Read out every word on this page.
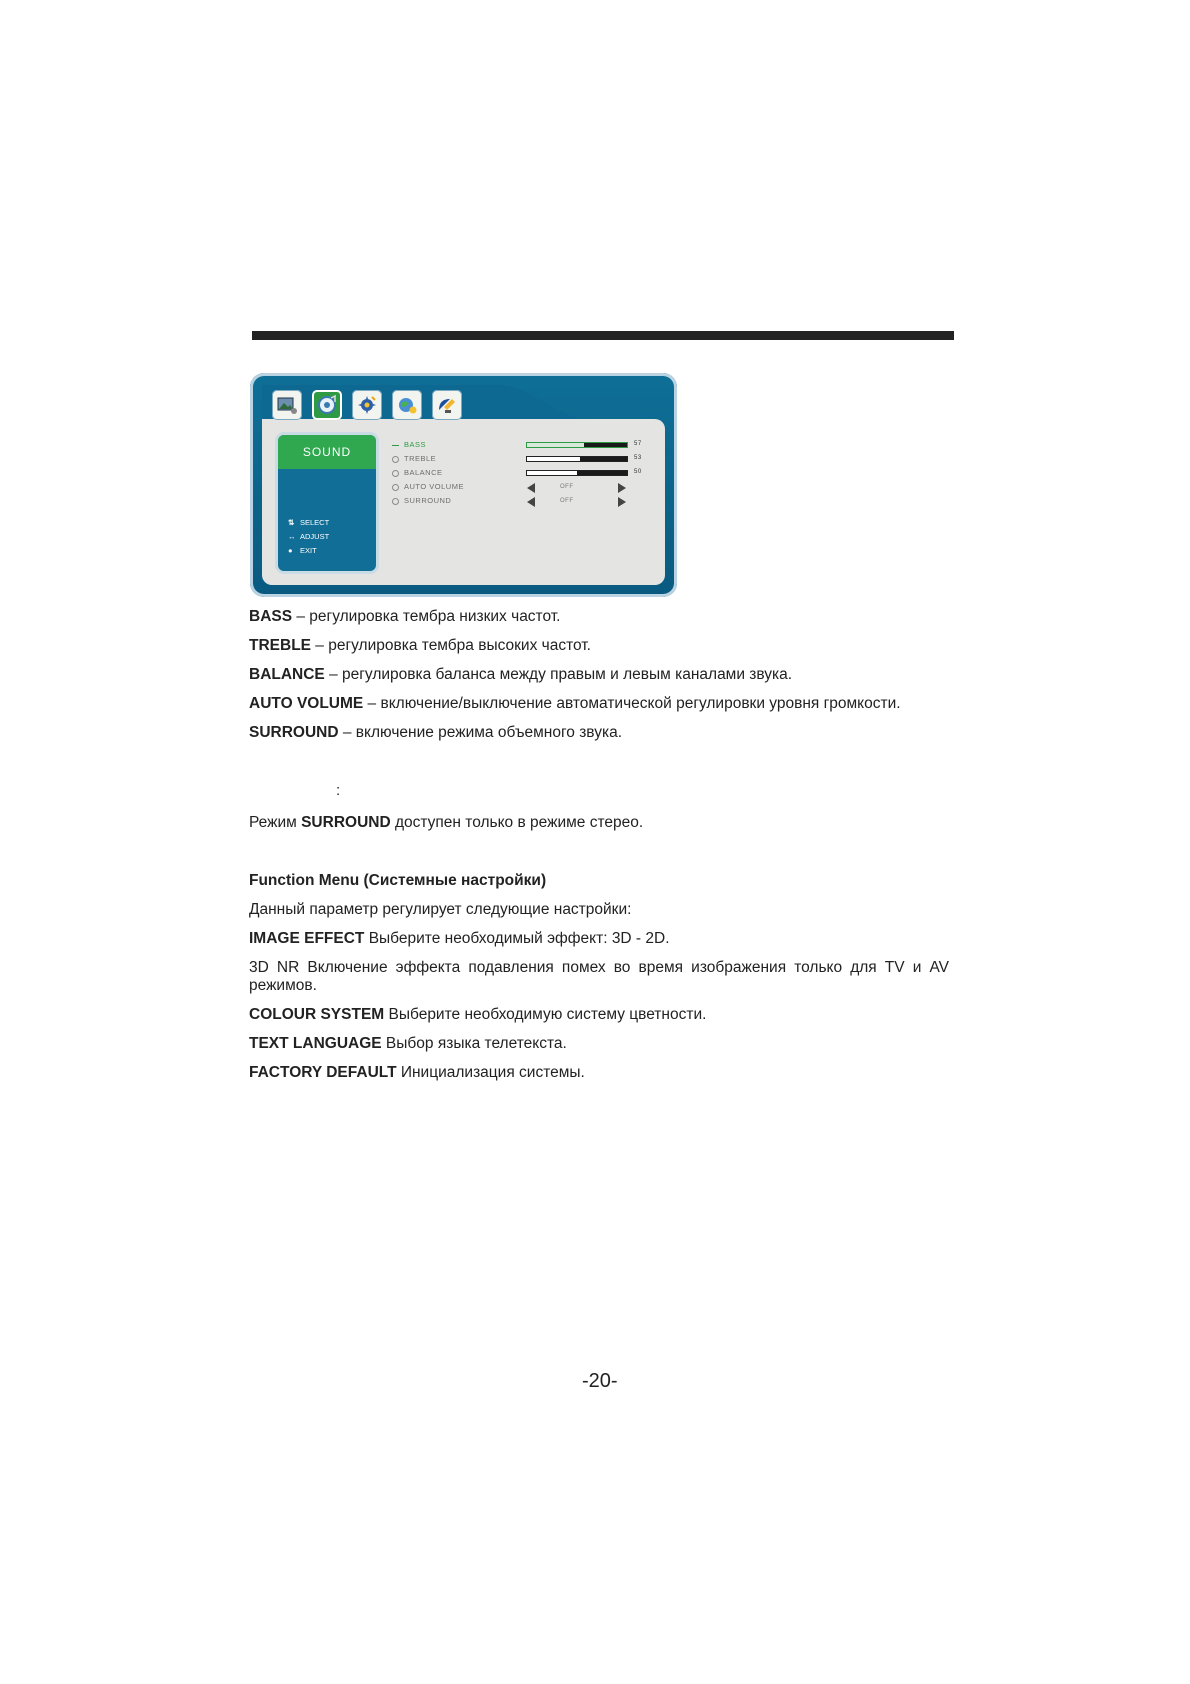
SOUND
⇅ SELECT
↔ ADJUST
● EXIT
BASS	57
TREBLE	53
BALANCE	50
AUTO VOLUME	OFF
SURROUND	OFF
BASS – регулировка тембра низких частот.
TREBLE – регулировка тембра высоких частот.
BALANCE – регулировка баланса между правым и левым каналами звука.
AUTO VOLUME – включение/выключение автоматической регулировки уровня громкости.
SURROUND – включение режима объемного звука.
:
Режим SURROUND доступен только в режиме стерео.
Function Menu (Системные настройки)
Данный параметр регулирует следующие настройки:
IMAGE EFFECT Выберите необходимый эффект: 3D - 2D.
3D NR Включение эффекта подавления помех во время изображения только для TV и AV режимов.
COLOUR SYSTEM Выберите необходимую систему цветности.
TEXT LANGUAGE Выбор языка телетекста.
FACTORY DEFAULT Инициализация системы.
-20-
